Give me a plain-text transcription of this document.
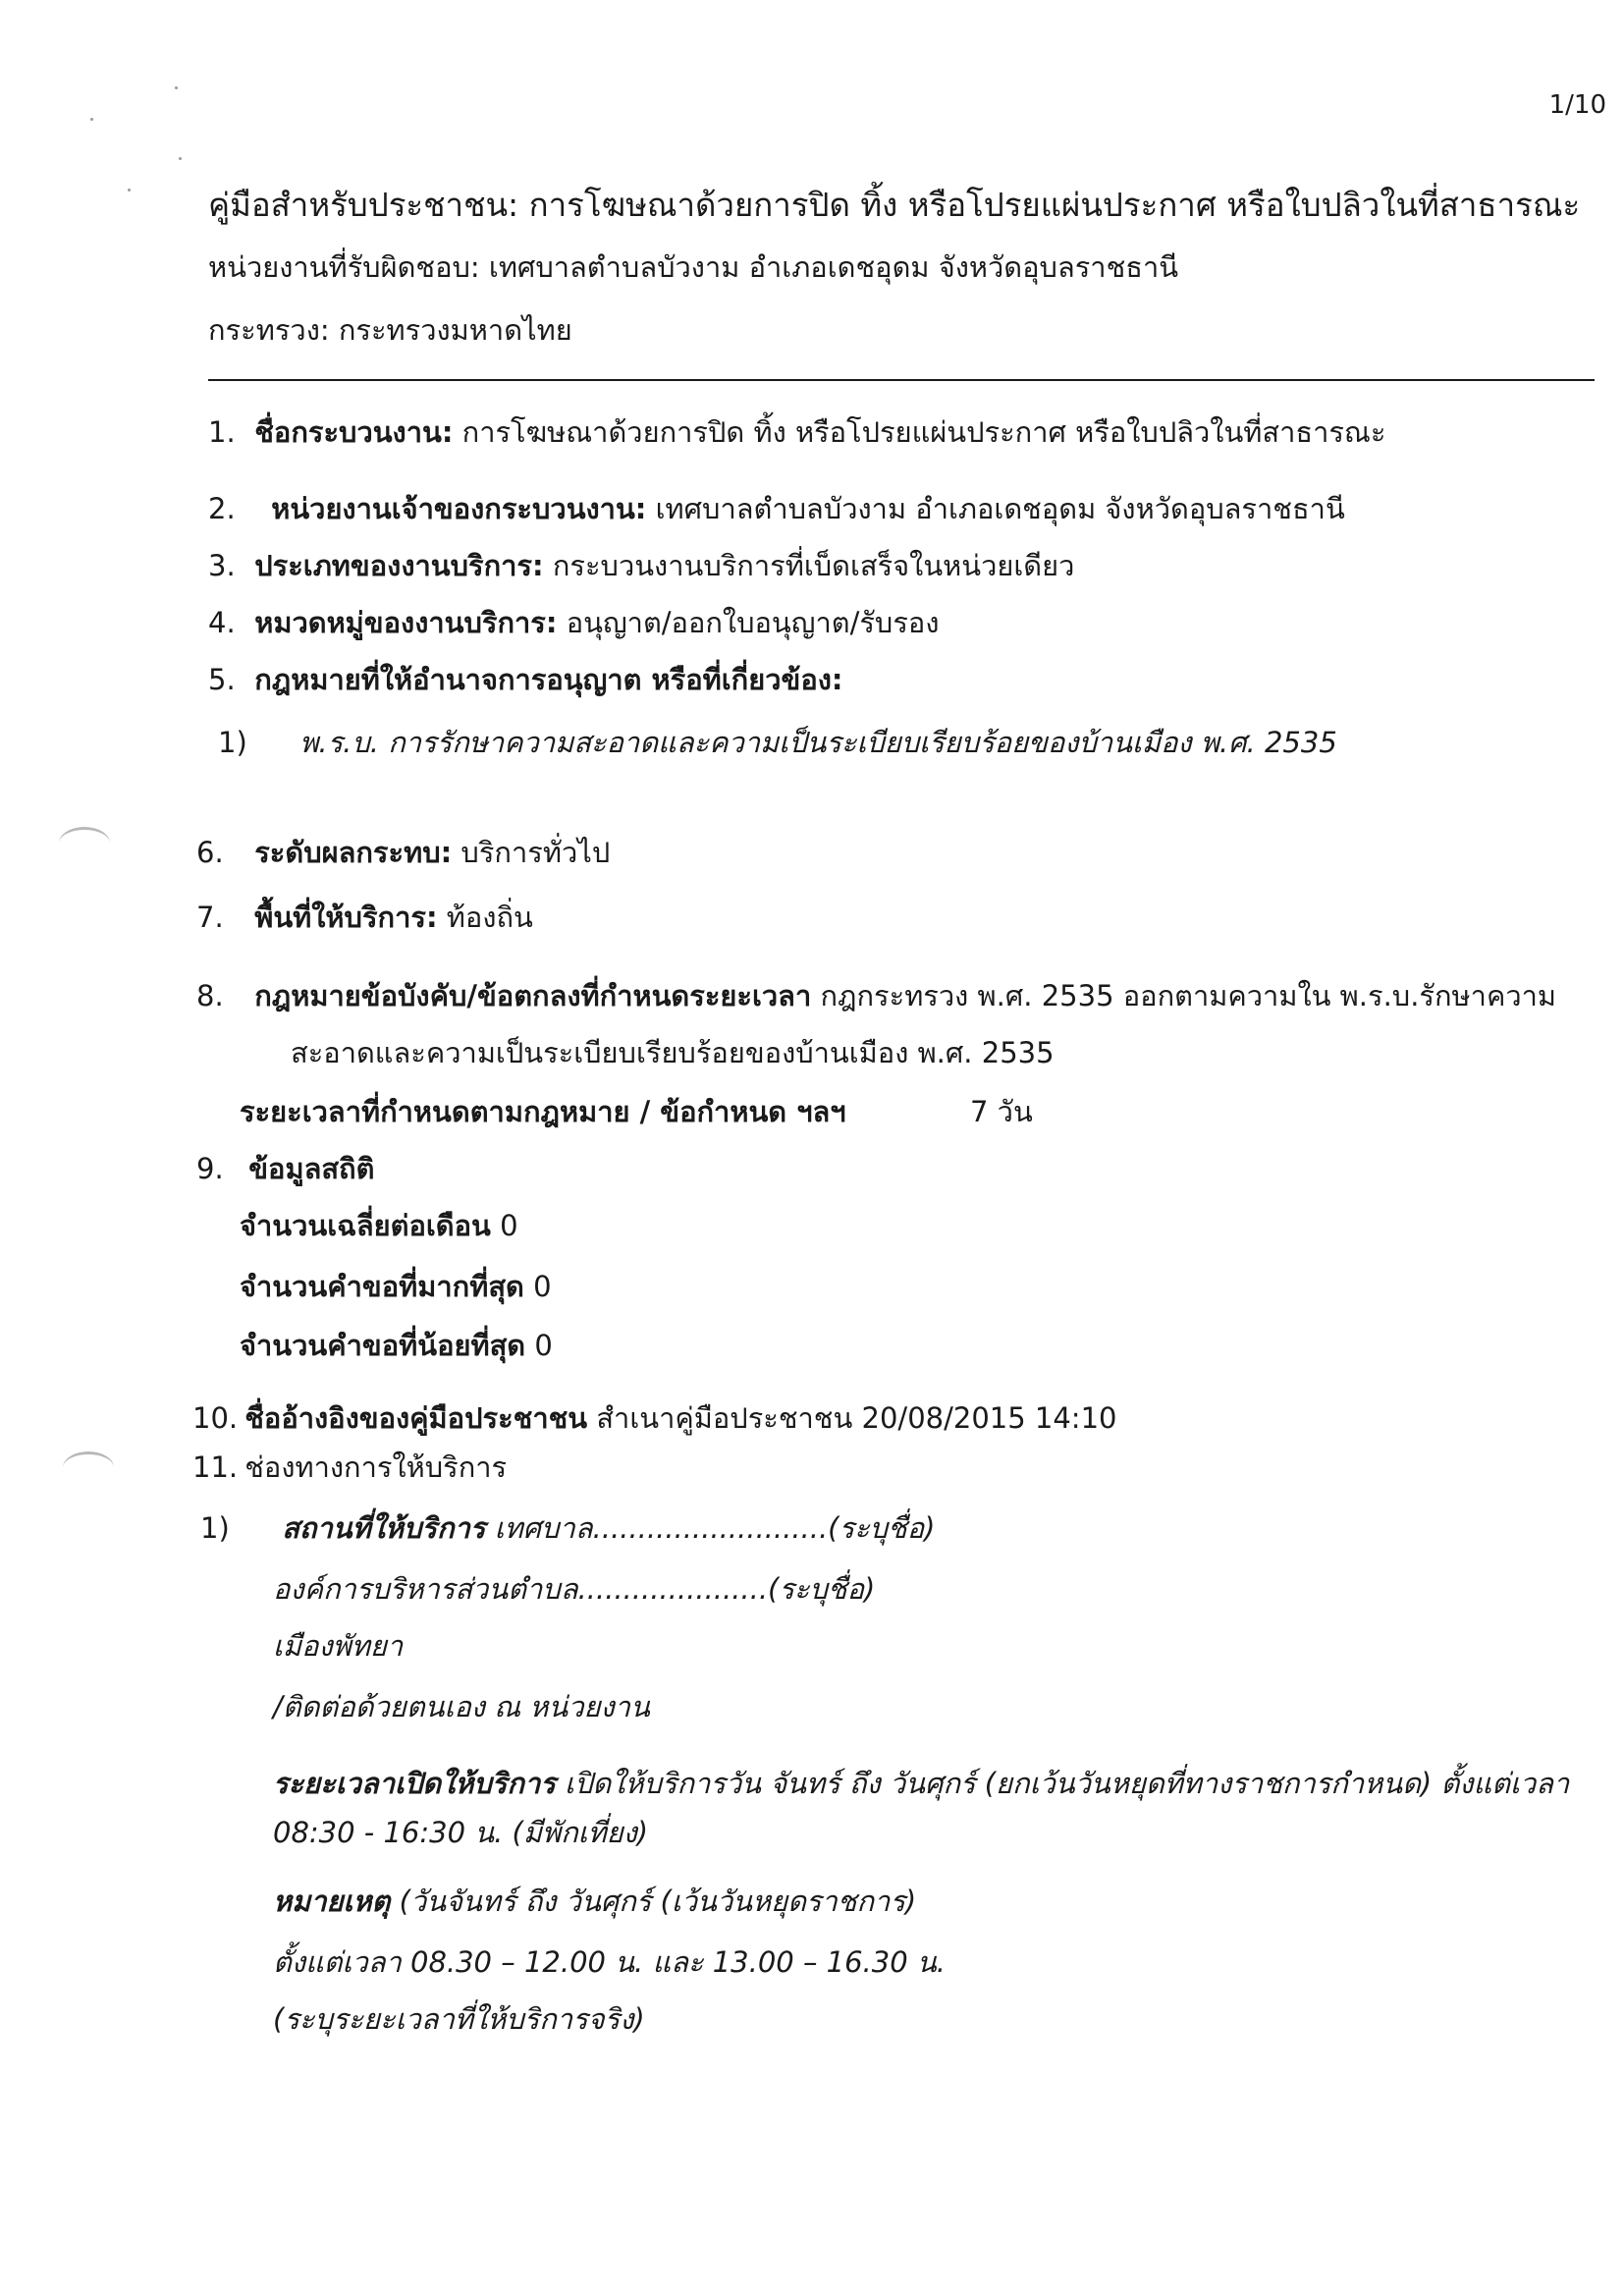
1/10
คู่มือสำหรับประชาชน: การโฆษณาด้วยการปิด ทิ้ง หรือโปรยแผ่นประกาศ หรือใบปลิวในที่สาธารณะ
หน่วยงานที่รับผิดชอบ: เทศบาลตำบลบัวงาม อำเภอเดชอุดม จังหวัดอุบลราชธานี
กระทรวง: กระทรวงมหาดไทย
1. ชื่อกระบวนงาน: การโฆษณาด้วยการปิด ทิ้ง หรือโปรยแผ่นประกาศ หรือใบปลิวในที่สาธารณะ
2. หน่วยงานเจ้าของกระบวนงาน: เทศบาลตำบลบัวงาม อำเภอเดชอุดม จังหวัดอุบลราชธานี
3. ประเภทของงานบริการ: กระบวนงานบริการที่เบ็ดเสร็จในหน่วยเดียว
4. หมวดหมู่ของงานบริการ: อนุญาต/ออกใบอนุญาต/รับรอง
5. กฎหมายที่ให้อำนาจการอนุญาต หรือที่เกี่ยวข้อง:
1) พ.ร.บ. การรักษาความสะอาดและความเป็นระเบียบเรียบร้อยของบ้านเมือง พ.ศ. 2535
6. ระดับผลกระทบ: บริการทั่วไป
7. พื้นที่ให้บริการ: ท้องถิ่น
8. กฎหมายข้อบังคับ/ข้อตกลงที่กำหนดระยะเวลา กฎกระทรวง พ.ศ. 2535 ออกตามความใน พ.ร.บ.รักษาความ
สะอาดและความเป็นระเบียบเรียบร้อยของบ้านเมือง พ.ศ. 2535
ระยะเวลาที่กำหนดตามกฎหมาย / ข้อกำหนด ฯลฯ	7 วัน
9. ข้อมูลสถิติ
จำนวนเฉลี่ยต่อเดือน 0
จำนวนคำขอที่มากที่สุด 0
จำนวนคำขอที่น้อยที่สุด 0
10. ชื่ออ้างอิงของคู่มือประชาชน สำเนาคู่มือประชาชน 20/08/2015 14:10
11. ช่องทางการให้บริการ
1) สถานที่ให้บริการ เทศบาล..........................(ระบุชื่อ)
องค์การบริหารส่วนตำบล.....................(ระบุชื่อ)
เมืองพัทยา
/ติดต่อด้วยตนเอง ณ หน่วยงาน
ระยะเวลาเปิดให้บริการ เปิดให้บริการวัน จันทร์ ถึง วันศุกร์ (ยกเว้นวันหยุดที่ทางราชการกำหนด) ตั้งแต่เวลา
08:30 - 16:30 น. (มีพักเที่ยง)
หมายเหตุ (วันจันทร์ ถึง วันศุกร์ (เว้นวันหยุดราชการ)
ตั้งแต่เวลา 08.30 – 12.00 น. และ 13.00 – 16.30 น.
(ระบุระยะเวลาที่ให้บริการจริง)
